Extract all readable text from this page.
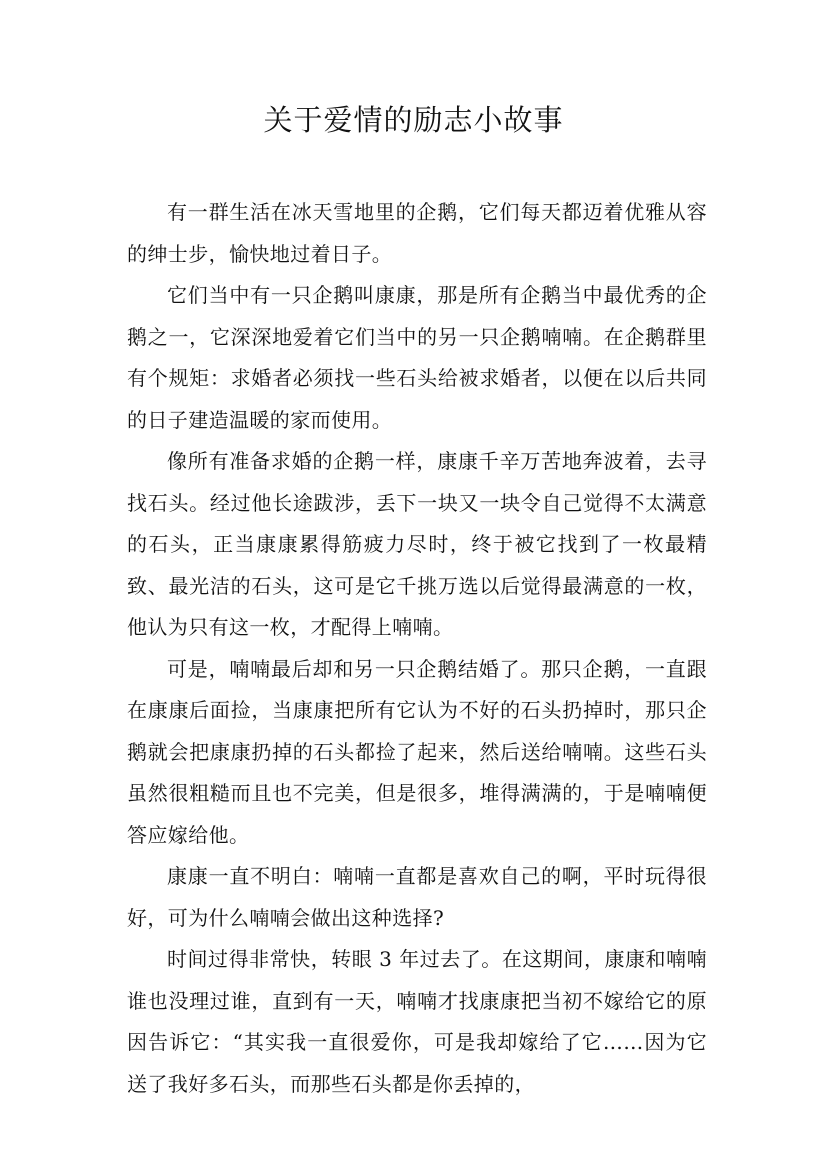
关于爱情的励志小故事

有一群生活在冰天雪地里的企鹅，它们每天都迈着优雅从容的绅士步，愉快地过着日子。

它们当中有一只企鹅叫康康，那是所有企鹅当中最优秀的企鹅之一，它深深地爱着它们当中的另一只企鹅喃喃。在企鹅群里有个规矩：求婚者必须找一些石头给被求婚者，以便在以后共同的日子建造温暖的家而使用。

像所有准备求婚的企鹅一样，康康千辛万苦地奔波着，去寻找石头。经过他长途跋涉，丢下一块又一块令自己觉得不太满意的石头，正当康康累得筋疲力尽时，终于被它找到了一枚最精致、最光洁的石头，这可是它千挑万选以后觉得最满意的一枚，他认为只有这一枚，才配得上喃喃。

可是，喃喃最后却和另一只企鹅结婚了。那只企鹅，一直跟在康康后面捡，当康康把所有它认为不好的石头扔掉时，那只企鹅就会把康康扔掉的石头都捡了起来，然后送给喃喃。这些石头虽然很粗糙而且也不完美，但是很多，堆得满满的，于是喃喃便答应嫁给他。

康康一直不明白：喃喃一直都是喜欢自己的啊，平时玩得很好，可为什么喃喃会做出这种选择?

时间过得非常快，转眼 3 年过去了。在这期间，康康和喃喃谁也没理过谁，直到有一天，喃喃才找康康把当初不嫁给它的原因告诉它：“其实我一直很爱你，可是我却嫁给了它……因为它送了我好多石头，而那些石头都是你丢掉的，
